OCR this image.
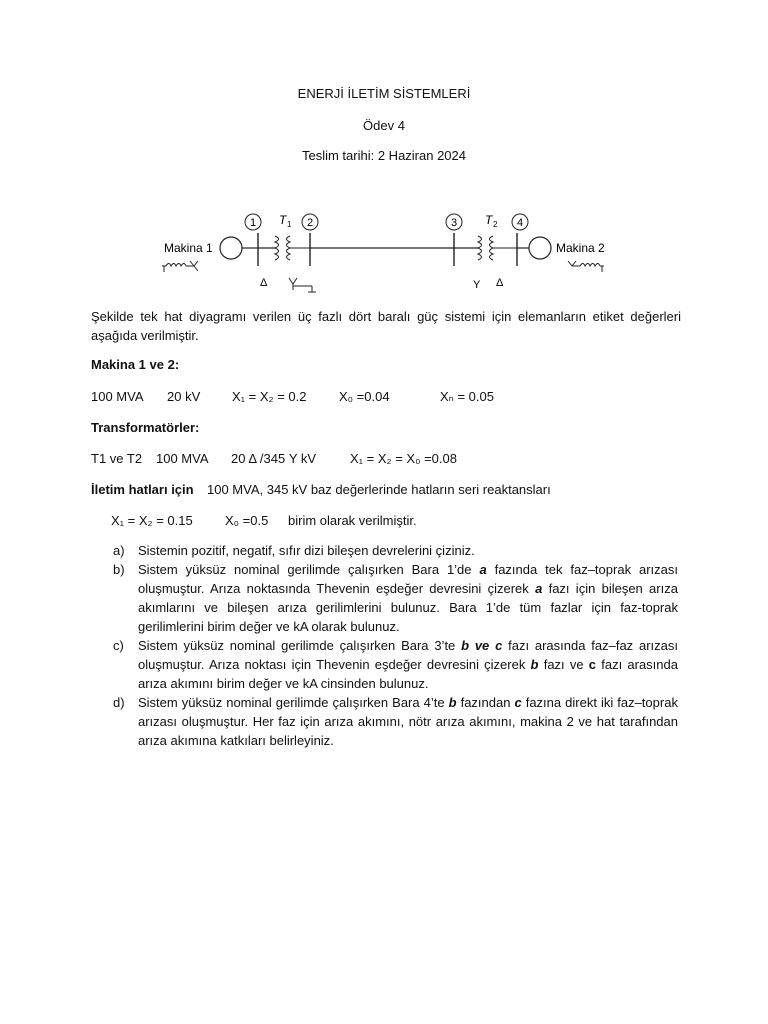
ENERJİ İLETİM SİSTEMLERİ
Ödev 4
Teslim tarihi: 2 Haziran 2024
Makina 1
1 T 1
Δ
2	3 T 2
Y Δ
4
Makina 2
Şekilde tek hat diyagramı verilen üç fazlı dört baralı güç sistemi için elemanların etiket değerleri aşağıda verilmiştir.
Makina 1 ve 2:
100 MVA 20 kV X₁ = X₂ = 0.2	X₀ =0.04	Xₙ = 0.05
Transformatörler:
T1 ve T2 100 MVA 20 Δ /345 Y kV	X₁ = X₂ = X₀ =0.08
İletim hatları için 100 MVA, 345 kV baz değerlerinde hatların seri reaktansları
X₁ = X₂ = 0.15 X₀ =0.5 birim olarak verilmiştir.
a) Sistemin pozitif, negatif, sıfır dizi bileşen devrelerini çiziniz.
b) Sistem yüksüz nominal gerilimde çalışırken Bara 1’de a fazında tek faz–toprak arızası oluşmuştur. Arıza noktasında Thevenin eşdeğer devresini çizerek a fazı için bileşen arıza akımlarını ve bileşen arıza gerilimlerini bulunuz. Bara 1’de tüm fazlar için faz-toprak gerilimlerini birim değer ve kA olarak bulunuz.
c) Sistem yüksüz nominal gerilimde çalışırken Bara 3’te b ve c fazı arasında faz–faz arızası oluşmuştur. Arıza noktası için Thevenin eşdeğer devresini çizerek b fazı ve c fazı arasında arıza akımını birim değer ve kA cinsinden bulunuz.
d) Sistem yüksüz nominal gerilimde çalışırken Bara 4’te b fazından c fazına direkt iki faz–toprak arızası oluşmuştur. Her faz için arıza akımını, nötr arıza akımını, makina 2 ve hat tarafından arıza akımına katkıları belirleyiniz.
